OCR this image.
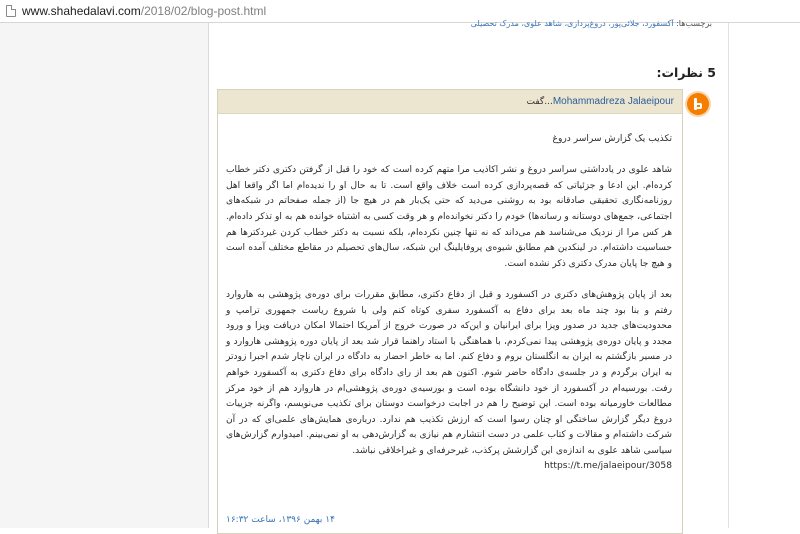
www.shahedalavi.com /2018/02/blog-post.html
برچسب‌ها: آکسفورد، جلائی‌پور، دروغ‌پردازی، شاهد علوی، مدرک تحصیلی
5 نظرات:
گفت... Mohammadreza Jalaeipour

تکذیب یک گزارش سراسر دروغ

شاهد علوی در یادداشتی سراسر دروغ و نشر اکاذیب مرا متهم کرده است که خود را قبل از گرفتن دکتری دکتر خطاب کرده‌ام. این ادعا و جزئیاتی که قصه‌پردازی کرده است خلاف واقع است. تا به حال او را ندیده‌ام اما اگر واقعا اهل روزنامه‌نگاری تحقیقی صادقانه بود به روشنی می‌دید که حتی یک‌بار هم در هیچ جا (از جمله صفحاتم در شبکه‌های اجتماعی، جمع‌های دوستانه و رسانه‌ها) خودم را دکتر نخوانده‌ام و هر وقت کسی به اشتباه خوانده هم به او تذکر داده‌ام. هر کس مرا از نزدیک می‌شناسد هم می‌داند که نه تنها چنین نکرده‌ام، بلکه نسبت به دکتر خطاب کردن غیردکترها هم حساسیت داشته‌ام. در لینکدین هم مطابق شیوه‌ی پروفایلینگ این شبکه، سال‌های تحصیلم در مقاطع مختلف آمده است و هیچ جا پایان مدرک دکتری ذکر نشده است.

بعد از پایان پژوهش‌های دکتری در اکسفورد و قبل از دفاع دکتری، مطابق مقررات برای دوره‌ی پژوهشی به هاروارد رفتم و بنا بود چند ماه بعد برای دفاع به آکسفورد سفری کوتاه کنم ولی با شروع ریاست جمهوری ترامپ و محدودیت‌های جدید در صدور ویزا برای ایرانیان و این‌که در صورت خروج از آمریکا احتمالا امکان دریافت ویزا و ورود مجدد و پایان دوره‌ی پژوهشی پیدا نمی‌کردم، با هماهنگی با استاد راهنما قرار شد بعد از پایان دوره پژوهشی هاروارد و در مسیر بازگشتم به ایران به انگلستان بروم و دفاع کنم. اما به خاطر احضار به دادگاه در ایران ناچار شدم اجبرا زودتر به ایران برگردم و در جلسه‌ی دادگاه حاضر شوم. اکنون هم بعد از رای دادگاه برای دفاع دکتری به آکسفورد خواهم رفت. بورسیه‌ام در آکسفورد از خود دانشگاه بوده است و بورسیه‌ی دوره‌ی پژوهشی‌ام در هاروارد هم از خود مرکز مطالعات خاورمیانه بوده است. این توضیح را هم در اجابت درخواست دوستان برای تکذیب می‌نویسم، واگرنه جزییات دروغ دیگر گزارش ساختگی او چنان رسوا است که ارزش تکذیب هم ندارد. درباره‌ی همایش‌های علمی‌ای که در آن شرکت داشته‌ام و مقالات و کتاب علمی در دست انتشارم هم نیازی به گزارش‌دهی به او نمی‌بینم. امیدوارم گزارش‌های سیاسی شاهد علوی به اندازه‌ی این گزارشش پرکذب، غیرحرفه‌ای و غیراخلاقی نباشد.
https://t.me/jalaeipour/3058

۱۴ بهمن ۱۳۹۶، ساعت ۱۶:۳۲
